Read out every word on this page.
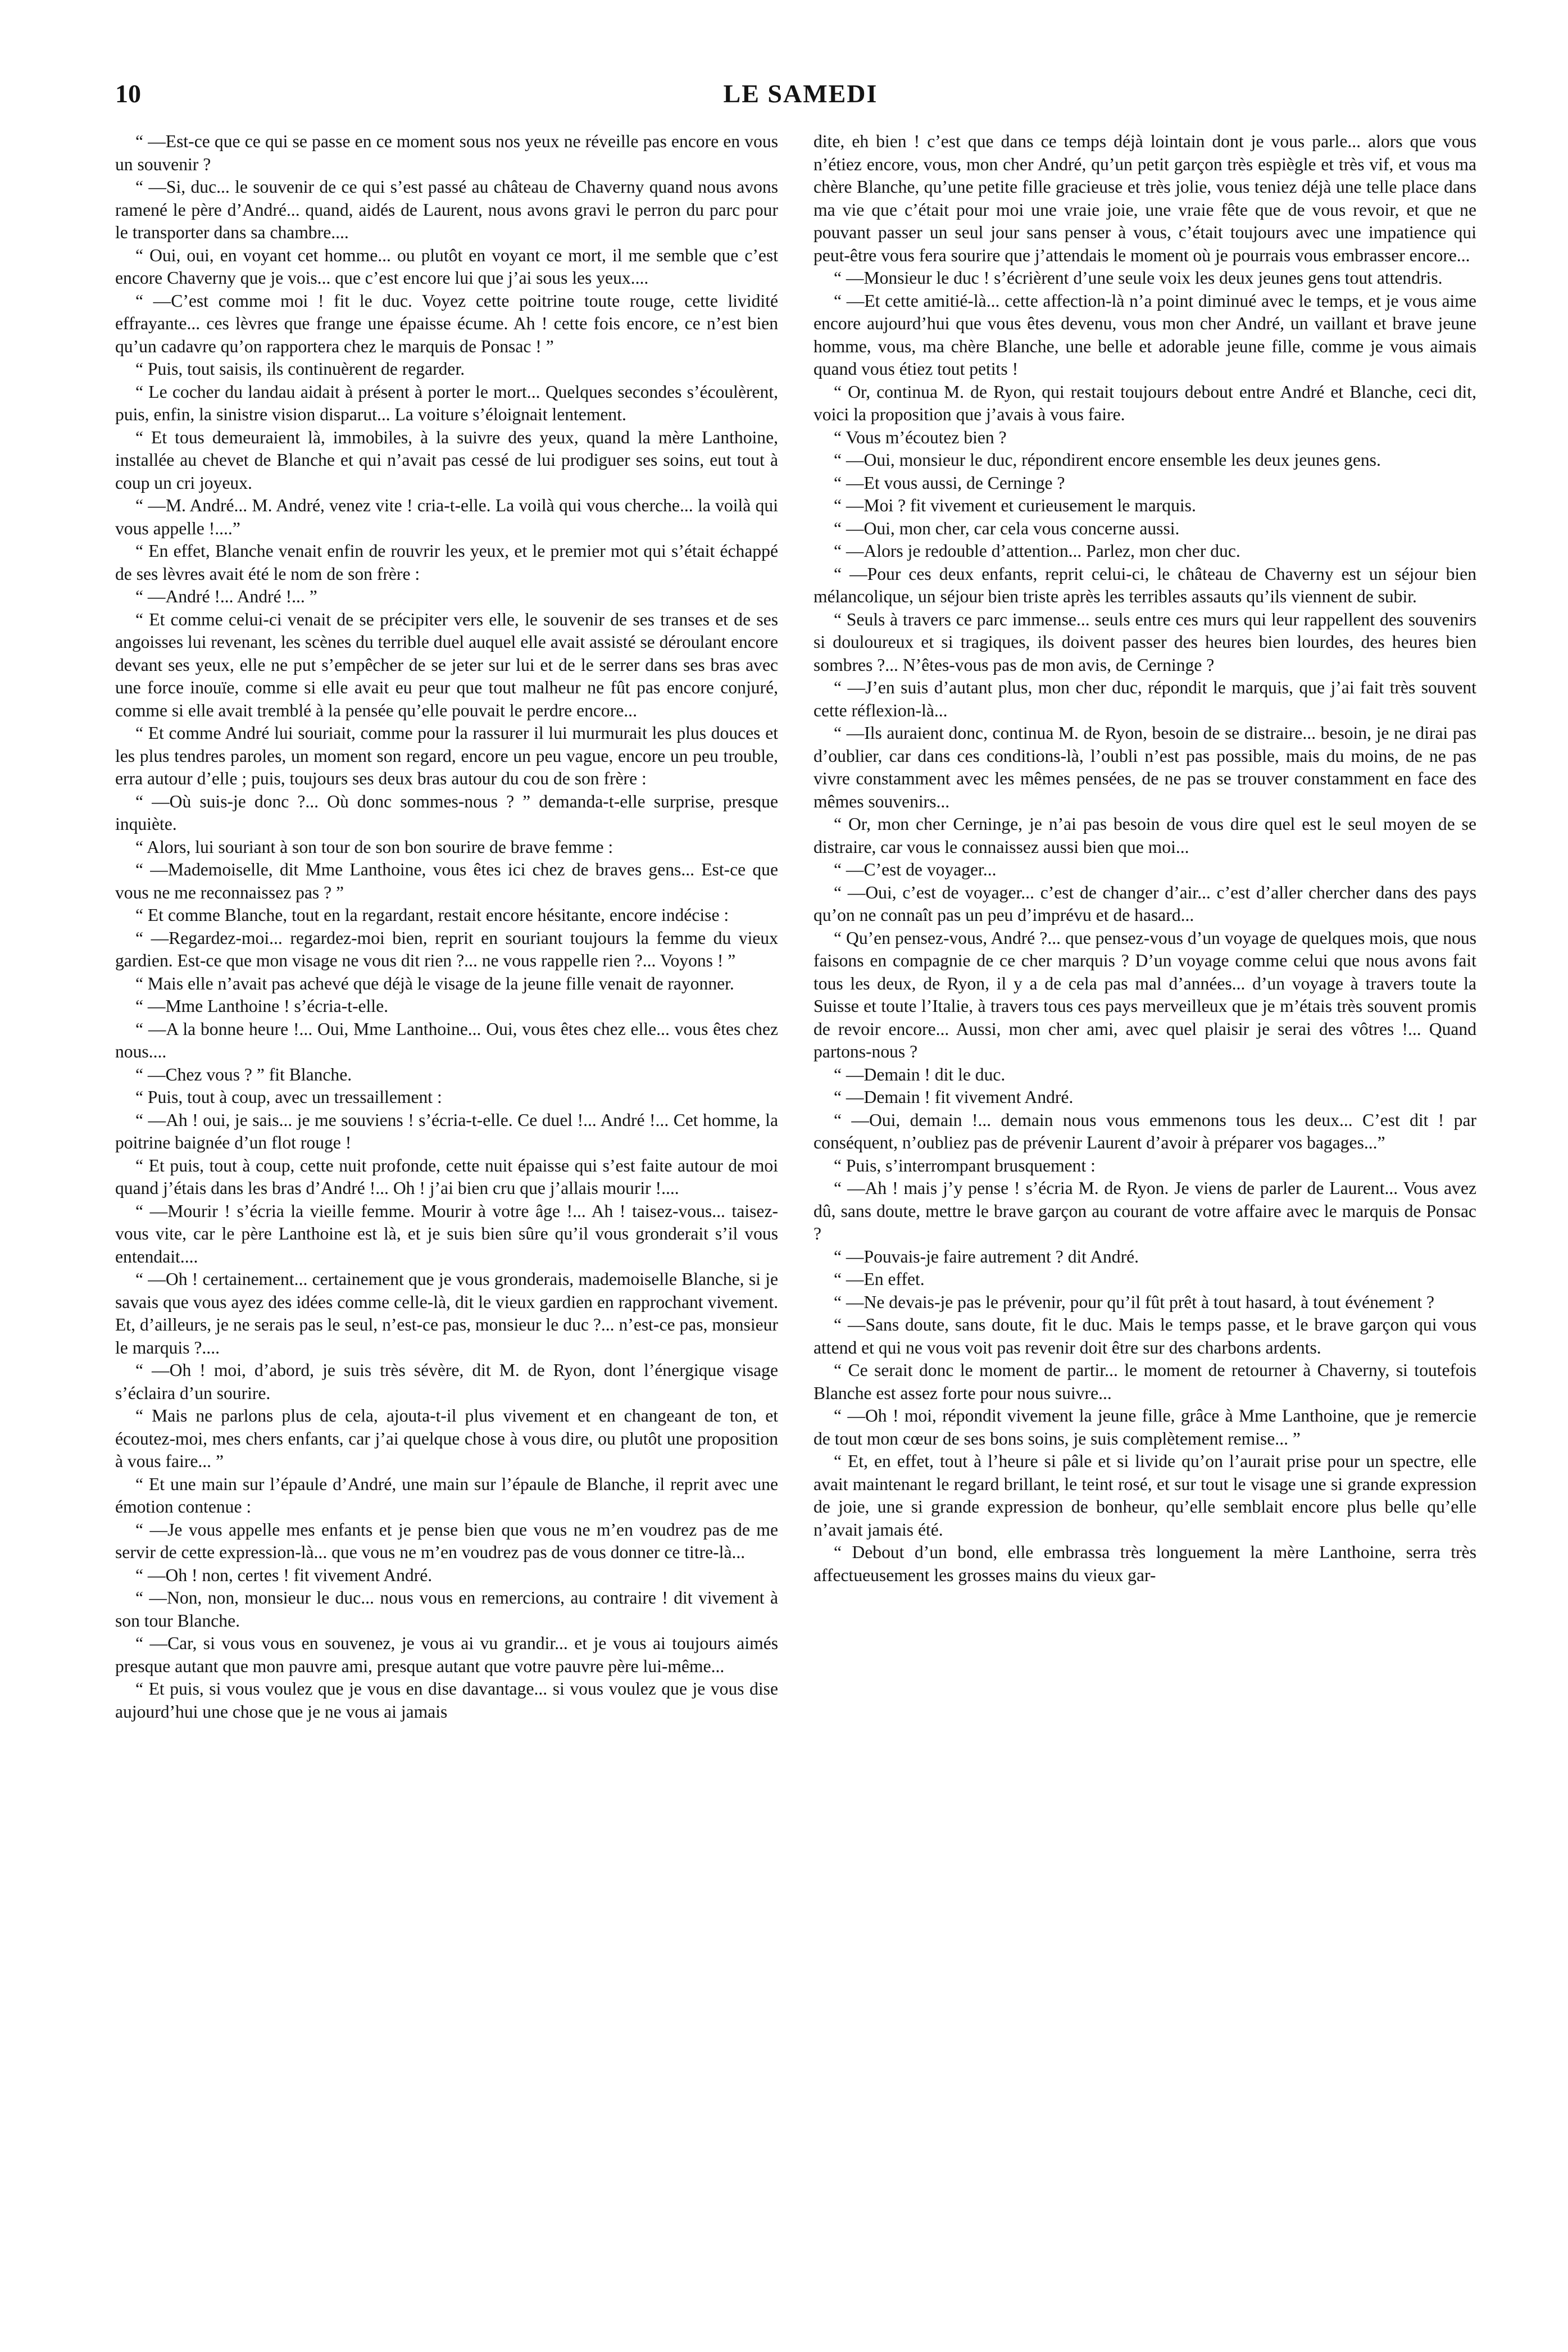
10	LE SAMEDI

“ —Est-ce que ce qui se passe en ce moment sous nos yeux ne réveille pas encore en vous un souvenir ?

“ —Si, duc... le souvenir de ce qui s’est passé au château de Chaverny quand nous avons ramené le père d’André... quand, aidés de Laurent, nous avons gravi le perron du parc pour le transporter dans sa chambre....

“ Oui, oui, en voyant cet homme... ou plutôt en voyant ce mort, il me semble que c’est encore Chaverny que je vois... que c’est encore lui que j’ai sous les yeux....

“ —C’est comme moi ! fit le duc. Voyez cette poitrine toute rouge, cette lividité effrayante... ces lèvres que frange une épaisse écume. Ah ! cette fois encore, ce n’est bien qu’un cadavre qu’on rapportera chez le marquis de Ponsac ! ”

“ Puis, tout saisis, ils continuèrent de regarder.

“ Le cocher du landau aidait à présent à porter le mort... Quelques secondes s’écoulèrent, puis, enfin, la sinistre vision disparut... La voiture s’éloignait lentement.

“ Et tous demeuraient là, immobiles, à la suivre des yeux, quand la mère Lanthoine, installée au chevet de Blanche et qui n’avait pas cessé de lui prodiguer ses soins, eut tout à coup un cri joyeux.

“ —M. André... M. André, venez vite ! cria-t-elle. La voilà qui vous cherche... la voilà qui vous appelle !....”

“ En effet, Blanche venait enfin de rouvrir les yeux, et le premier mot qui s’était échappé de ses lèvres avait été le nom de son frère :

“ —André !... André !... ”

“ Et comme celui-ci venait de se précipiter vers elle, le souvenir de ses transes et de ses angoisses lui revenant, les scènes du terrible duel auquel elle avait assisté se déroulant encore devant ses yeux, elle ne put s’empêcher de se jeter sur lui et de le serrer dans ses bras avec une force inouïe, comme si elle avait eu peur que tout malheur ne fût pas encore conjuré, comme si elle avait tremblé à la pensée qu’elle pouvait le perdre encore...

“ Et comme André lui souriait, comme pour la rassurer il lui murmurait les plus douces et les plus tendres paroles, un moment son regard, encore un peu vague, encore un peu trouble, erra autour d’elle ; puis, toujours ses deux bras autour du cou de son frère :

“ —Où suis-je donc ?... Où donc sommes-nous ? ” demanda-t-elle surprise, presque inquiète.

“ Alors, lui souriant à son tour de son bon sourire de brave femme :

“ —Mademoiselle, dit Mme Lanthoine, vous êtes ici chez de braves gens... Est-ce que vous ne me reconnaissez pas ? ”

“ Et comme Blanche, tout en la regardant, restait encore hésitante, encore indécise :

“ —Regardez-moi... regardez-moi bien, reprit en souriant toujours la femme du vieux gardien. Est-ce que mon visage ne vous dit rien ?... ne vous rappelle rien ?... Voyons ! ”

“ Mais elle n’avait pas achevé que déjà le visage de la jeune fille venait de rayonner.

“ —Mme Lanthoine ! s’écria-t-elle.

“ —A la bonne heure !... Oui, Mme Lanthoine... Oui, vous êtes chez elle... vous êtes chez nous....

“ —Chez vous ? ” fit Blanche.

“ Puis, tout à coup, avec un tressaillement :

“ —Ah ! oui, je sais... je me souviens ! s’écria-t-elle. Ce duel !... André !... Cet homme, la poitrine baignée d’un flot rouge !

“ Et puis, tout à coup, cette nuit profonde, cette nuit épaisse qui s’est faite autour de moi quand j’étais dans les bras d’André !... Oh ! j’ai bien cru que j’allais mourir !....

“ —Mourir ! s’écria la vieille femme. Mourir à votre âge !... Ah ! taisez-vous... taisez-vous vite, car le père Lanthoine est là, et je suis bien sûre qu’il vous gronderait s’il vous entendait....

“ —Oh ! certainement... certainement que je vous gronderais, mademoiselle Blanche, si je savais que vous ayez des idées comme celle-là, dit le vieux gardien en rapprochant vivement. Et, d’ailleurs, je ne serais pas le seul, n’est-ce pas, monsieur le duc ?... n’est-ce pas, monsieur le marquis ?....

“ —Oh ! moi, d’abord, je suis très sévère, dit M. de Ryon, dont l’énergique visage s’éclaira d’un sourire.

“ Mais ne parlons plus de cela, ajouta-t-il plus vivement et en changeant de ton, et écoutez-moi, mes chers enfants, car j’ai quelque chose à vous dire, ou plutôt une proposition à vous faire... ”

“ Et une main sur l’épaule d’André, une main sur l’épaule de Blanche, il reprit avec une émotion contenue :

“ —Je vous appelle mes enfants et je pense bien que vous ne m’en voudrez pas de me servir de cette expression-là... que vous ne m’en voudrez pas de vous donner ce titre-là...

“ —Oh ! non, certes ! fit vivement André.

“ —Non, non, monsieur le duc... nous vous en remercions, au contraire ! dit vivement à son tour Blanche.

“ —Car, si vous vous en souvenez, je vous ai vu grandir... et je vous ai toujours aimés presque autant que mon pauvre ami, presque autant que votre pauvre père lui-même...

“ Et puis, si vous voulez que je vous en dise davantage... si vous voulez que je vous dise aujourd’hui une chose que je ne vous ai jamais

dite, eh bien ! c’est que dans ce temps déjà lointain dont je vous parle... alors que vous n’étiez encore, vous, mon cher André, qu’un petit garçon très espiègle et très vif, et vous ma chère Blanche, qu’une petite fille gracieuse et très jolie, vous teniez déjà une telle place dans ma vie que c’était pour moi une vraie joie, une vraie fête que de vous revoir, et que ne pouvant passer un seul jour sans penser à vous, c’était toujours avec une impatience qui peut-être vous fera sourire que j’attendais le moment où je pourrais vous embrasser encore...

“ —Monsieur le duc ! s’écrièrent d’une seule voix les deux jeunes gens tout attendris.

“ —Et cette amitié-là... cette affection-là n’a point diminué avec le temps, et je vous aime encore aujourd’hui que vous êtes devenu, vous mon cher André, un vaillant et brave jeune homme, vous, ma chère Blanche, une belle et adorable jeune fille, comme je vous aimais quand vous étiez tout petits !

“ Or, continua M. de Ryon, qui restait toujours debout entre André et Blanche, ceci dit, voici la proposition que j’avais à vous faire.

“ Vous m’écoutez bien ?

“ —Oui, monsieur le duc, répondirent encore ensemble les deux jeunes gens.

“ —Et vous aussi, de Cerninge ?

“ —Moi ? fit vivement et curieusement le marquis.

“ —Oui, mon cher, car cela vous concerne aussi.

“ —Alors je redouble d’attention... Parlez, mon cher duc.

“ —Pour ces deux enfants, reprit celui-ci, le château de Chaverny est un séjour bien mélancolique, un séjour bien triste après les terribles assauts qu’ils viennent de subir.

“ Seuls à travers ce parc immense... seuls entre ces murs qui leur rappellent des souvenirs si douloureux et si tragiques, ils doivent passer des heures bien lourdes, des heures bien sombres ?... N’êtes-vous pas de mon avis, de Cerninge ?

“ —J’en suis d’autant plus, mon cher duc, répondit le marquis, que j’ai fait très souvent cette réflexion-là...

“ —Ils auraient donc, continua M. de Ryon, besoin de se distraire... besoin, je ne dirai pas d’oublier, car dans ces conditions-là, l’oubli n’est pas possible, mais du moins, de ne pas vivre constamment avec les mêmes pensées, de ne pas se trouver constamment en face des mêmes souvenirs...

“ Or, mon cher Cerninge, je n’ai pas besoin de vous dire quel est le seul moyen de se distraire, car vous le connaissez aussi bien que moi...

“ —C’est de voyager...

“ —Oui, c’est de voyager... c’est de changer d’air... c’est d’aller chercher dans des pays qu’on ne connaît pas un peu d’imprévu et de hasard...

“ Qu’en pensez-vous, André ?... que pensez-vous d’un voyage de quelques mois, que nous faisons en compagnie de ce cher marquis ? D’un voyage comme celui que nous avons fait tous les deux, de Ryon, il y a de cela pas mal d’années... d’un voyage à travers toute la Suisse et toute l’Italie, à travers tous ces pays merveilleux que je m’étais très souvent promis de revoir encore... Aussi, mon cher ami, avec quel plaisir je serai des vôtres !... Quand partons-nous ?

“ —Demain ! dit le duc.

“ —Demain ! fit vivement André.

“ —Oui, demain !... demain nous vous emmenons tous les deux... C’est dit ! par conséquent, n’oubliez pas de prévenir Laurent d’avoir à préparer vos bagages...”

“ Puis, s’interrompant brusquement :

“ —Ah ! mais j’y pense ! s’écria M. de Ryon. Je viens de parler de Laurent... Vous avez dû, sans doute, mettre le brave garçon au courant de votre affaire avec le marquis de Ponsac ?

“ —Pouvais-je faire autrement ? dit André.

“ —En effet.

“ —Ne devais-je pas le prévenir, pour qu’il fût prêt à tout hasard, à tout événement ?

“ —Sans doute, sans doute, fit le duc. Mais le temps passe, et le brave garçon qui vous attend et qui ne vous voit pas revenir doit être sur des charbons ardents.

“ Ce serait donc le moment de partir... le moment de retourner à Chaverny, si toutefois Blanche est assez forte pour nous suivre...

“ —Oh ! moi, répondit vivement la jeune fille, grâce à Mme Lanthoine, que je remercie de tout mon cœur de ses bons soins, je suis complètement remise... ”

“ Et, en effet, tout à l’heure si pâle et si livide qu’on l’aurait prise pour un spectre, elle avait maintenant le regard brillant, le teint rosé, et sur tout le visage une si grande expression de joie, une si grande expression de bonheur, qu’elle semblait encore plus belle qu’elle n’avait jamais été.

“ Debout d’un bond, elle embrassa très longuement la mère Lanthoine, serra très affectueusement les grosses mains du vieux gar-
